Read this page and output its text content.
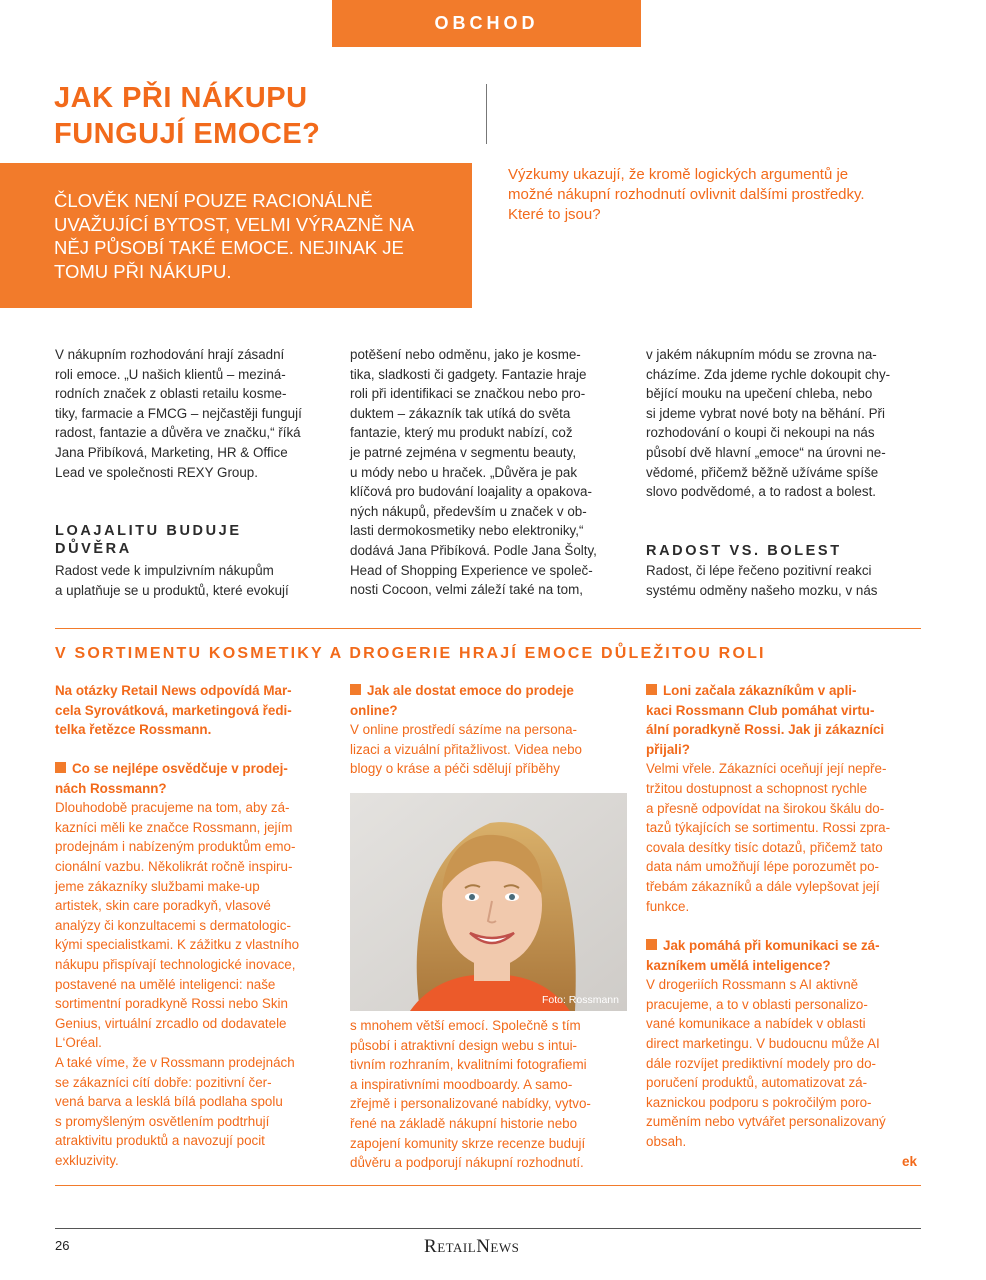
OBCHOD
JAK PŘI NÁKUPU
FUNGUJÍ EMOCE?
ČLOVĚK NENÍ POUZE RACIONÁLNĚ
UVAŽUJÍCÍ BYTOST, VELMI VÝRAZNĚ NA
NĚJ PŮSOBÍ TAKÉ EMOCE. NEJINAK JE
TOMU PŘI NÁKUPU.
Výzkumy ukazují, že kromě logických argumentů je
možné nákupní rozhodnutí ovlivnit dalšími prostředky.
Které to jsou?
V nákupním rozhodování hrají zásadní
roli emoce. „U našich klientů – meziná-
rodních značek z oblasti retailu kosme-
tiky, farmacie a FMCG – nejčastěji fungují
radost, fantazie a důvěra ve značku,“ říká
Jana Přibíková, Marketing, HR & Office
Lead ve společnosti REXY Group.
LOAJALITU BUDUJE
DŮVĚRA
Radost vede k impulzivním nákupům
a uplatňuje se u produktů, které evokují
potěšení nebo odměnu, jako je kosme-
tika, sladkosti či gadgety. Fantazie hraje
roli při identifikaci se značkou nebo pro-
duktem – zákazník tak utíká do světa
fantazie, který mu produkt nabízí, což
je patrné zejména v segmentu beauty,
u módy nebo u hraček. „Důvěra je pak
klíčová pro budování loajality a opakova-
ných nákupů, především u značek v ob-
lasti dermokosmetiky nebo elektroniky,“
dodává Jana Přibíková. Podle Jana Šolty,
Head of Shopping Experience ve společ-
nosti Cocoon, velmi záleží také na tom,
v jakém nákupním módu se zrovna na-
cházíme. Zda jdeme rychle dokoupit chy-
bějící mouku na upečení chleba, nebo
si jdeme vybrat nové boty na běhání. Při
rozhodování o koupi či nekoupi na nás
působí dvě hlavní „emoce“ na úrovni ne-
vědomé, přičemž běžně užíváme spíše
slovo podvědomé, a to radost a bolest.
RADOST VS. BOLEST
Radost, či lépe řečeno pozitivní reakci
systému odměny našeho mozku, v nás
V SORTIMENTU KOSMETIKY A DROGERIE HRAJÍ EMOCE DŮLEŽITOU ROLI
Na otázky Retail News odpovídá Mar-
cela Syrovátková, marketingová ředi-
telka řetězce Rossmann.
Co se nejlépe osvědčuje v prodej-
nách Rossmann?
Dlouhodobě pracujeme na tom, aby zá-
kazníci měli ke značce Rossmann, jejím
prodejnám i nabízeným produktům emo-
cionální vazbu. Několikrát ročně inspiru-
jeme zákazníky službami make-up
artistek, skin care poradkyň, vlasové
analýzy či konzultacemi s dermatologic-
kými specialistkami. K zážitku z vlastního
nákupu přispívají technologické inovace,
postavené na umělé inteligenci: naše
sortimentní poradkyně Rossi nebo Skin
Genius, virtuální zrcadlo od dodavatele
L‘Oréal.
A také víme, že v Rossmann prodejnách
se zákazníci cítí dobře: pozitivní čer-
vená barva a lesklá bílá podlaha spolu
s promyšleným osvětlením podtrhují
atraktivitu produktů a navozují pocit
exkluzivity.
Jak ale dostat emoce do prodeje
online?
V online prostředí sázíme na persona-
lizaci a vizuální přitažlivost. Videa nebo
blogy o kráse a péči sdělují příběhy
Foto: Rossmann
s mnohem větší emocí. Společně s tím
působí i atraktivní design webu s intui-
tivním rozhraním, kvalitními fotografiemi
a inspirativními moodboardy. A samo-
zřejmě i personalizované nabídky, vytvo-
řené na základě nákupní historie nebo
zapojení komunity skrze recenze budují
důvěru a podporují nákupní rozhodnutí.
Loni začala zákazníkům v apli-
kaci Rossmann Club pomáhat virtu-
ální poradkyně Rossi. Jak ji zákazníci
přijali?
Velmi vřele. Zákazníci oceňují její nepře-
tržitou dostupnost a schopnost rychle
a přesně odpovídat na širokou škálu do-
tazů týkajících se sortimentu. Rossi zpra-
covala desítky tisíc dotazů, přičemž tato
data nám umožňují lépe porozumět po-
třebám zákazníků a dále vylepšovat její
funkce.
Jak pomáhá při komunikaci se zá-
kazníkem umělá inteligence?
V drogeriích Rossmann s AI aktivně
pracujeme, a to v oblasti personalizo-
vané komunikace a nabídek v oblasti
direct marketingu. V budoucnu může AI
dále rozvíjet prediktivní modely pro do-
poručení produktů, automatizovat zá-
kaznickou podporu s pokročilým poro-
zuměním nebo vytvářet personalizovaný
obsah.
ek
26	RETAILNEWS
